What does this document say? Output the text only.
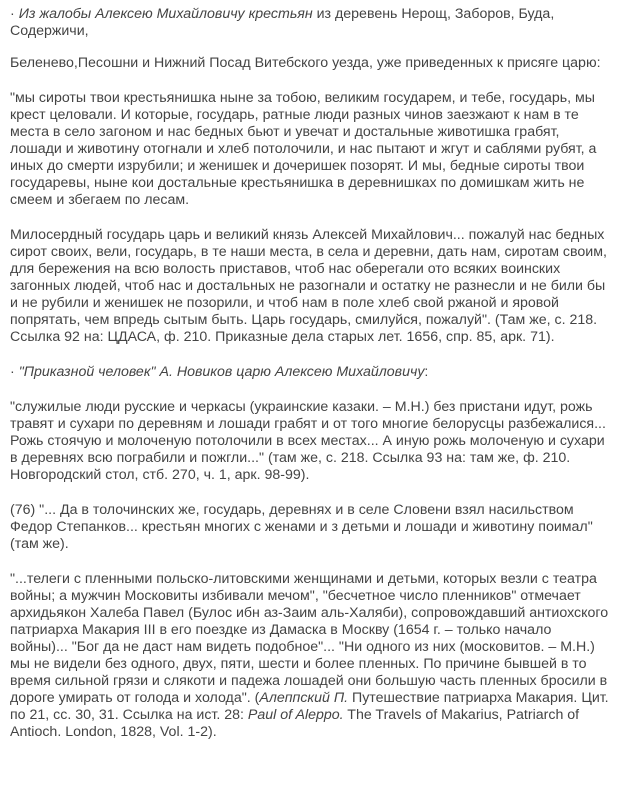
· Из жалобы Алексею Михайловичу крестьян из деревень Нерощ, Заборов, Буда, Содержичи,

Беленево,Песошни и Нижний Посад Витебского уезда, уже приведенных к присяге царю:

"мы сироты твои крестьянишка ныне за тобою, великим государем, и тебе, государь, мы крест целовали. И которые, государь, ратные люди разных чинов заезжают к нам в те места в село загоном и нас бедных бьют и увечат и достальные животишка грабят, лошади и животину отогнали и хлеб потолочили, и нас пытают и жгут и саблями рубят, а иных до смерти изрубили; и женишек и дочеришек позорят. И мы, бедные сироты твои государевы, ныне кои достальные крестьянишка в деревнишках по домишкам жить не смеем и збегаем по лесам.

Милосердный государь царь и великий князь Алексей Михайлович... пожалуй нас бедных сирот своих, вели, государь, в те наши места, в села и деревни, дать нам, сиротам своим, для бережения на всю волость приставов, чтоб нас оберегали ото всяких воинских загонных людей, чтоб нас и достальных не разогнали и остатку не разнесли и не били бы и не рубили и женишек не позорили, и чтоб нам в поле хлеб свой ржаной и яровой попрятать, чем впредь сытым быть. Царь государь, смилуйся, пожалуй". (Там же, с. 218. Ссылка 92 на: ЦДАСА, ф. 210. Приказные дела старых лет. 1656, спр. 85, арк. 71).

· "Приказной человек" А. Новиков царю Алексею Михайловичу:

"служилые люди русские и черкасы (украинские казаки. – М.Н.) без пристани идут, рожь травят и сухари по деревням и лошади грабят и от того многие белорусцы разбежалися... Рожь стоячую и молоченую потолочили в всех местах... А иную рожь молоченую и сухари в деревнях всю пограбили и пожгли..." (там же, с. 218. Ссылка 93 на: там же, ф. 210. Новгородский стол, стб. 270, ч. 1, арк. 98-99).

(76) "... Да в толочинских же, государь, деревнях и в селе Словени взял насильством Федор Степанков... крестьян многих с женами и з детьми и лошади и животину поимал" (там же).

"...телеги с пленными польско-литовскими женщинами и детьми, которых везли с театра войны; а мужчин Московиты избивали мечом", "бесчетное число пленников" отмечает архидьякон Халеба Павел (Булос ибн аз-Заим аль-Халяби), сопровождавший антиохского патриарха Макария III в его поездке из Дамаска в Москву (1654 г. – только начало войны)... "Бог да не даст нам видеть подобное"... "Ни одного из них (московитов. – М.Н.) мы не видели без одного, двух, пяти, шести и более пленных. По причине бывшей в то время сильной грязи и слякоти и падежа лошадей они большую часть пленных бросили в дороге умирать от голода и холода". (Алеппский П. Путешествие патриарха Макария. Цит. по 21, сс. 30, 31. Ссылка на ист. 28: Paul of Aleppo. The Travels of Makarius, Patriarch of Antioch. London, 1828, Vol. 1-2).
